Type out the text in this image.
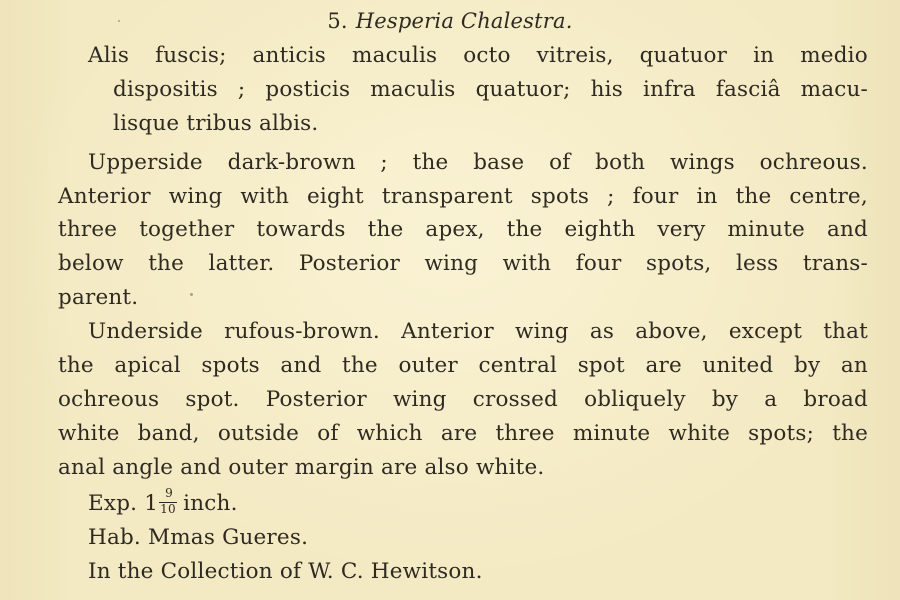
5. Hesperia Chalestra.
Alis fuscis; anticis maculis octo vitreis, quatuor in medio
dispositis ; posticis maculis quatuor; his infra fasciâ macu-
lisque tribus albis.
Upperside dark-brown ; the base of both wings ochreous.
Anterior wing with eight transparent spots ; four in the centre,
three together towards the apex, the eighth very minute and
below the latter. Posterior wing with four spots, less trans-
parent.
Underside rufous-brown. Anterior wing as above, except that
the apical spots and the outer central spot are united by an
ochreous spot. Posterior wing crossed obliquely by a broad
white band, outside of which are three minute white spots; the
anal angle and outer margin are also white.
Exp. $1 \frac{9}{10}$ inch.
Hab. Mmas Gueres.
In the Collection of W. C. Hewitson.
